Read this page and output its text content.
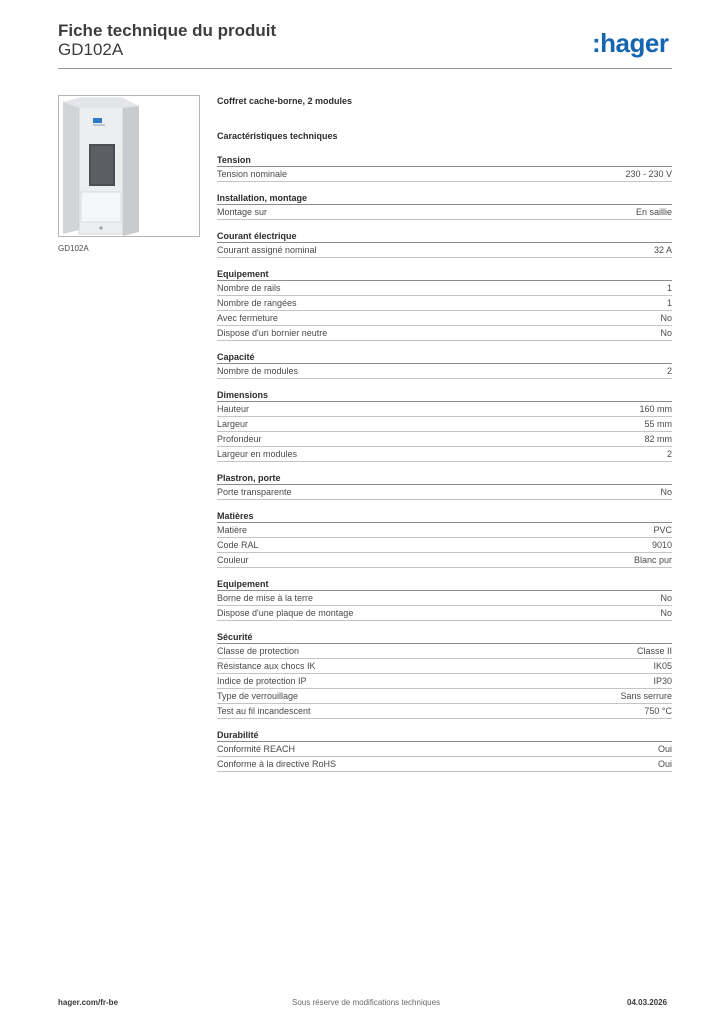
Fiche technique du produit
GD102A	:hager
GD102A
Coffret cache-borne, 2 modules
Caractéristiques techniques
Tension
Tension nominale	230 - 230 V
Installation, montage
Montage sur	En saillie
Courant électrique
Courant assigné nominal	32 A
Equipement
Nombre de rails	1
Nombre de rangées	1
Avec fermeture	No
Dispose d'un bornier neutre	No
Capacité
Nombre de modules	2
Dimensions
Hauteur	160 mm
Largeur	55 mm
Profondeur	82 mm
Largeur en modules	2
Plastron, porte
Porte transparente	No
Matières
Matière	PVC
Code RAL	9010
Couleur	Blanc pur
Equipement
Borne de mise à la terre	No
Dispose d'une plaque de montage	No
Sécurité
Classe de protection	Classe II
Résistance aux chocs IK	IK05
Indice de protection IP	IP30
Type de verrouillage	Sans serrure
Test au fil incandescent	750 °C
Durabilité
Conformité REACH	Oui
Conforme à la directive RoHS	Oui
hager.com/fr-be	Sous réserve de modifications techniques	04.03.2026
